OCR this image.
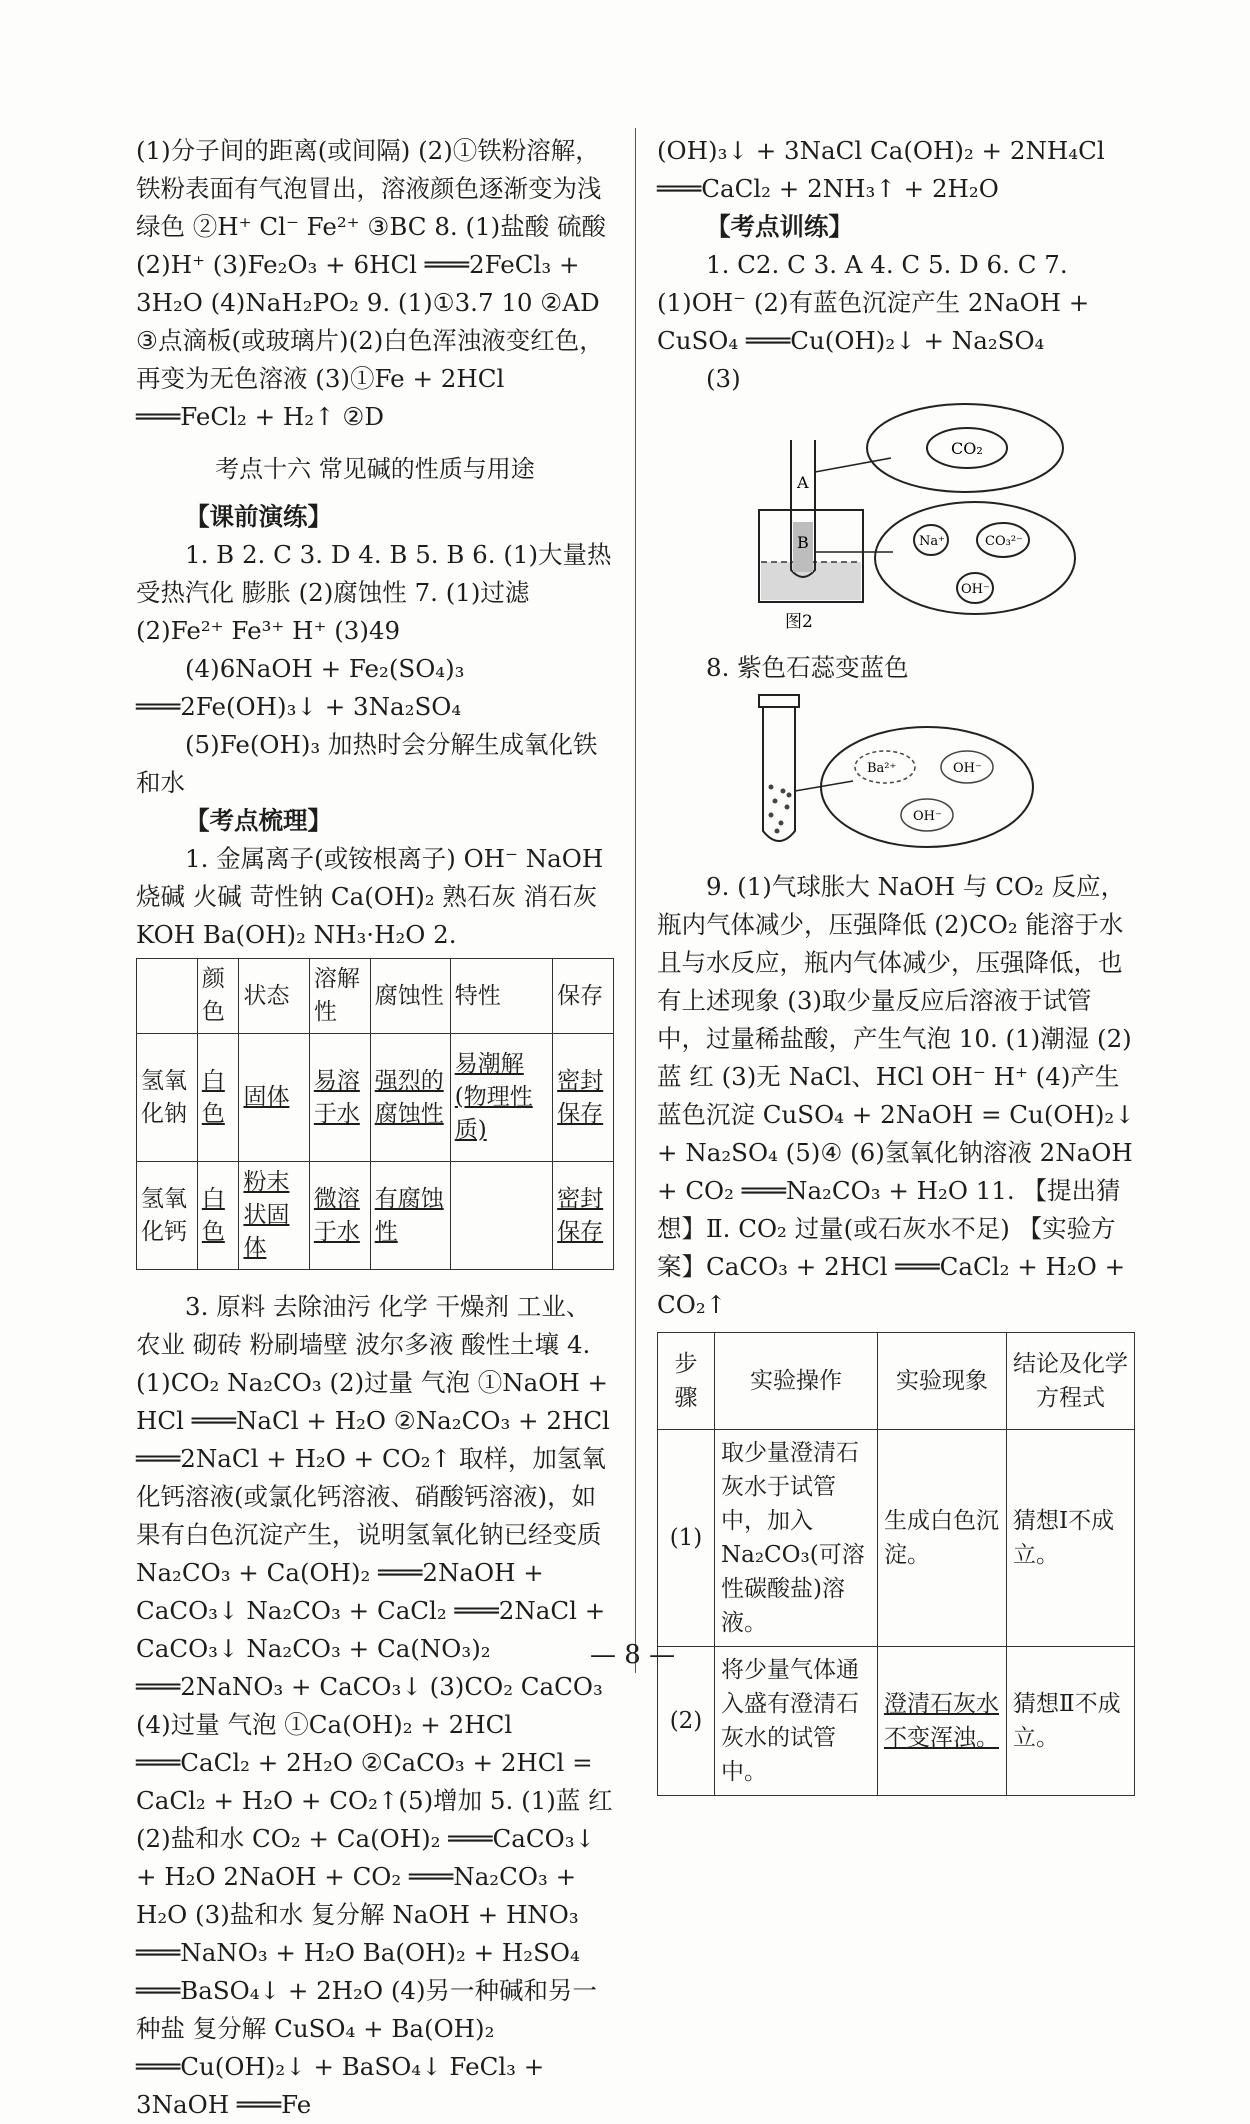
(1)分子间的距离(或间隔) (2)①铁粉溶解，铁粉表面有气泡冒出，溶液颜色逐渐变为浅绿色 ②H⁺ Cl⁻ Fe²⁺ ③BC 8. (1)盐酸 硫酸 (2)H⁺ (3)Fe₂O₃ + 6HCl ═══2FeCl₃ + 3H₂O (4)NaH₂PO₂ 9. (1)①3.7 10 ②AD ③点滴板(或玻璃片)(2)白色浑浊液变红色，再变为无色溶液 (3)①Fe + 2HCl ═══FeCl₂ + H₂↑ ②D

考点十六 常见碱的性质与用途

【课前演练】

1. B 2. C 3. D 4. B 5. B 6. (1)大量热 受热汽化 膨胀 (2)腐蚀性 7. (1)过滤 (2)Fe²⁺ Fe³⁺ H⁺ (3)49

(4)6NaOH + Fe₂(SO₄)₃ ═══2Fe(OH)₃↓ + 3Na₂SO₄

(5)Fe(OH)₃ 加热时会分解生成氧化铁和水

【考点梳理】

1. 金属离子(或铵根离子) OH⁻ NaOH 烧碱 火碱 苛性钠 Ca(OH)₂ 熟石灰 消石灰 KOH Ba(OH)₂ NH₃·H₂O 2.

	颜色	状态	溶解性	腐蚀性	特性	保存
氢氧化钠	白色	固体	易溶于水	强烈的腐蚀性	易潮解(物理性质)	密封保存
氢氧化钙	白色	粉末状固体	微溶于水	有腐蚀性		密封保存

3. 原料 去除油污 化学 干燥剂 工业、农业 砌砖 粉刷墙壁 波尔多液 酸性土壤 4. (1)CO₂ Na₂CO₃ (2)过量 气泡 ①NaOH + HCl ═══NaCl + H₂O ②Na₂CO₃ + 2HCl ═══2NaCl + H₂O + CO₂↑ 取样，加氢氧化钙溶液(或氯化钙溶液、硝酸钙溶液)，如果有白色沉淀产生，说明氢氧化钠已经变质 Na₂CO₃ + Ca(OH)₂ ═══2NaOH + CaCO₃↓ Na₂CO₃ + CaCl₂ ═══2NaCl + CaCO₃↓ Na₂CO₃ + Ca(NO₃)₂ ═══2NaNO₃ + CaCO₃↓ (3)CO₂ CaCO₃ (4)过量 气泡 ①Ca(OH)₂ + 2HCl ═══CaCl₂ + 2H₂O ②CaCO₃ + 2HCl = CaCl₂ + H₂O + CO₂↑(5)增加 5. (1)蓝 红 (2)盐和水 CO₂ + Ca(OH)₂ ═══CaCO₃↓ + H₂O 2NaOH + CO₂ ═══Na₂CO₃ + H₂O (3)盐和水 复分解 NaOH + HNO₃ ═══NaNO₃ + H₂O Ba(OH)₂ + H₂SO₄ ═══BaSO₄↓ + 2H₂O (4)另一种碱和另一种盐 复分解 CuSO₄ + Ba(OH)₂ ═══Cu(OH)₂↓ + BaSO₄↓ FeCl₃ + 3NaOH ═══Fe

(OH)₃↓ + 3NaCl Ca(OH)₂ + 2NH₄Cl ═══CaCl₂ + 2NH₃↑ + 2H₂O

【考点训练】

1. C2. C 3. A 4. C 5. D 6. C 7. (1)OH⁻ (2)有蓝色沉淀产生 2NaOH + CuSO₄ ═══Cu(OH)₂↓ + Na₂SO₄

(3)

A
B
CO₂
Na⁺	CO₃²⁻
OH⁻
图2

8. 紫色石蕊变蓝色

Ba²⁺	OH⁻
OH⁻

9. (1)气球胀大 NaOH 与 CO₂ 反应，瓶内气体减少，压强降低 (2)CO₂ 能溶于水且与水反应，瓶内气体减少，压强降低，也有上述现象 (3)取少量反应后溶液于试管中，过量稀盐酸，产生气泡 10. (1)潮湿 (2)蓝 红 (3)无 NaCl、HCl OH⁻ H⁺ (4)产生蓝色沉淀 CuSO₄ + 2NaOH = Cu(OH)₂↓ + Na₂SO₄ (5)④ (6)氢氧化钠溶液 2NaOH + CO₂ ═══Na₂CO₃ + H₂O 11. 【提出猜想】Ⅱ. CO₂ 过量(或石灰水不足) 【实验方案】CaCO₃ + 2HCl ═══CaCl₂ + H₂O + CO₂↑

步骤	实验操作	实验现象	结论及化学方程式
(1)	取少量澄清石灰水于试管中，加入Na₂CO₃(可溶性碳酸盐)溶液。	生成白色沉淀。	猜想Ⅰ不成立。
(2)	将少量气体通入盛有澄清石灰水的试管中。	澄清石灰水不变浑浊。	猜想Ⅱ不成立。
— 8 —
